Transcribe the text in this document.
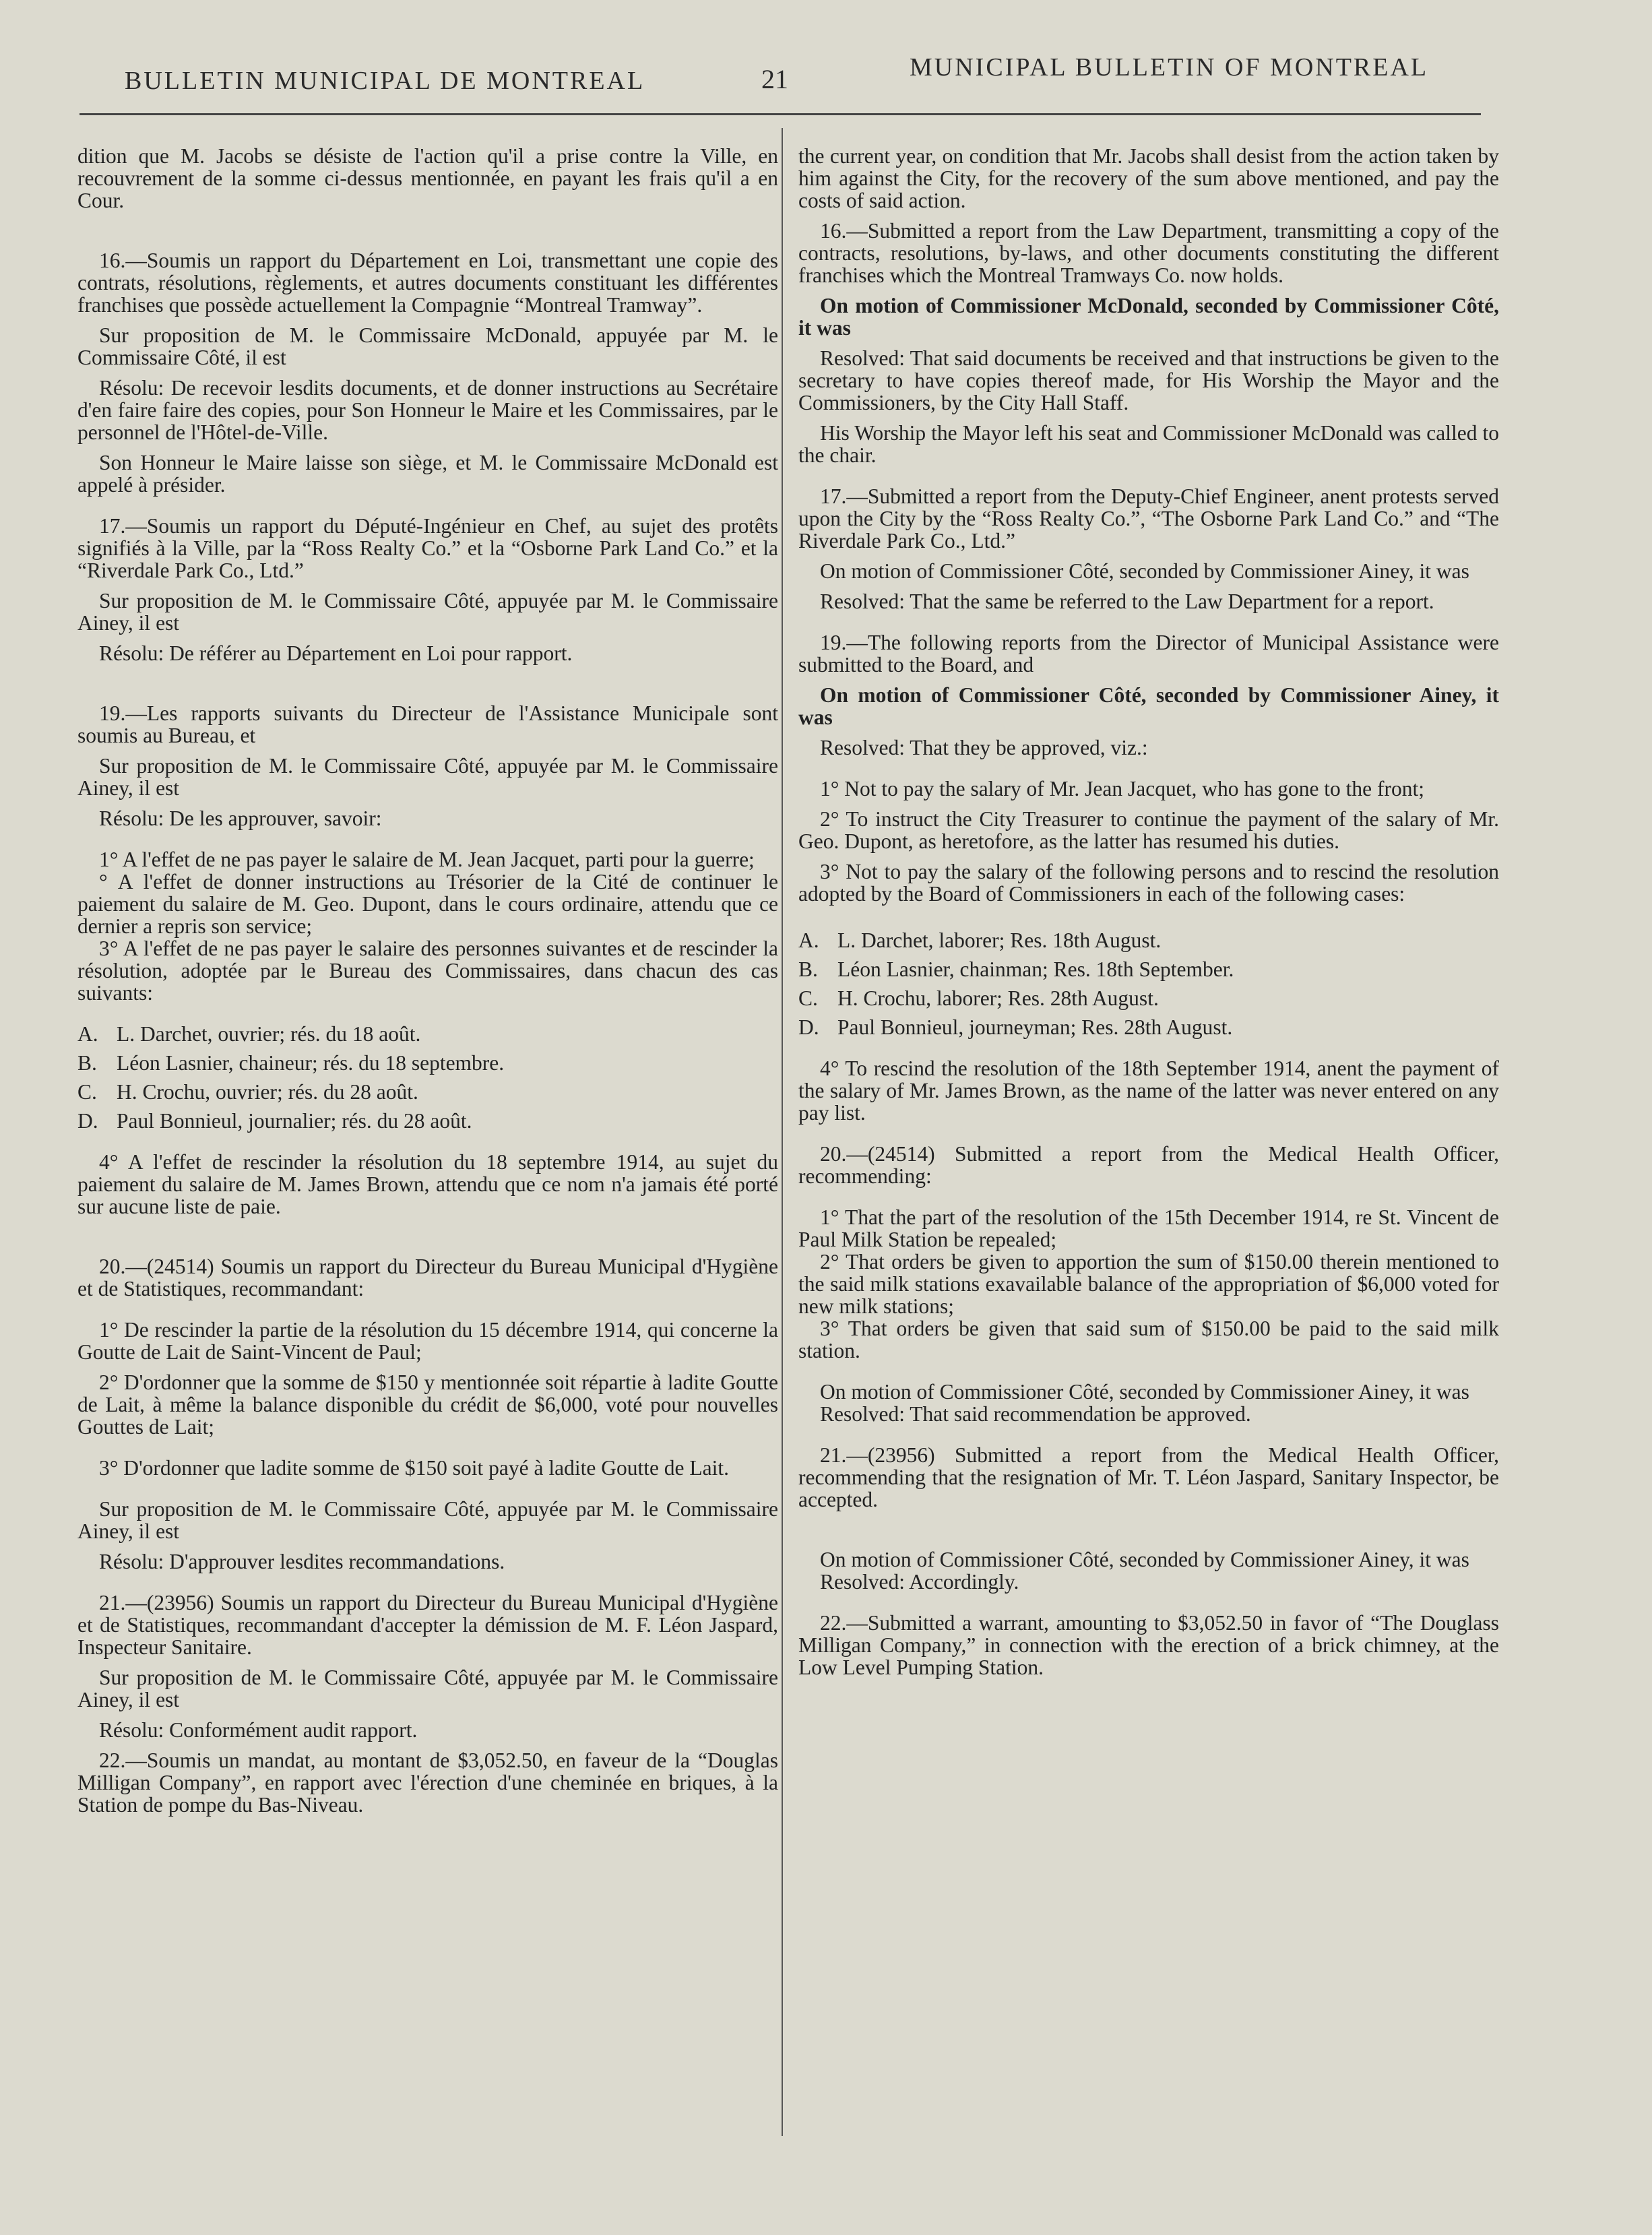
BULLETIN MUNICIPAL DE MONTREAL	21	MUNICIPAL BULLETIN OF MONTREAL

dition que M. Jacobs se désiste de l'action qu'il a prise contre la Ville, en recouvrement de la somme ci-dessus mentionnée, en payant les frais qu'il a en Cour.

16.—Soumis un rapport du Département en Loi, transmettant une copie des contrats, résolutions, règlements, et autres documents constituant les différentes franchises que possède actuellement la Compagnie “Montreal Tramway”.

Sur proposition de M. le Commissaire McDonald, appuyée par M. le Commissaire Côté, il est

Résolu: De recevoir lesdits documents, et de donner instructions au Secrétaire d'en faire faire des copies, pour Son Honneur le Maire et les Commissaires, par le personnel de l'Hôtel-de-Ville.

Son Honneur le Maire laisse son siège, et M. le Commissaire McDonald est appelé à présider.

17.—Soumis un rapport du Député-Ingénieur en Chef, au sujet des protêts signifiés à la Ville, par la “Ross Realty Co.” et la “Osborne Park Land Co.” et la “Riverdale Park Co., Ltd.”

Sur proposition de M. le Commissaire Côté, appuyée par M. le Commissaire Ainey, il est

Résolu: De référer au Département en Loi pour rapport.

19.—Les rapports suivants du Directeur de l'Assistance Municipale sont soumis au Bureau, et

Sur proposition de M. le Commissaire Côté, appuyée par M. le Commissaire Ainey, il est

Résolu: De les approuver, savoir:

1° A l'effet de ne pas payer le salaire de M. Jean Jacquet, parti pour la guerre;

° A l'effet de donner instructions au Trésorier de la Cité de continuer le paiement du salaire de M. Geo. Dupont, dans le cours ordinaire, attendu que ce dernier a repris son service;

3° A l'effet de ne pas payer le salaire des personnes suivantes et de rescinder la résolution, adoptée par le Bureau des Commissaires, dans chacun des cas suivants:

A. L. Darchet, ouvrier; rés. du 18 août.
B. Léon Lasnier, chaineur; rés. du 18 septembre.
C. H. Crochu, ouvrier; rés. du 28 août.
D. Paul Bonnieul, journalier; rés. du 28 août.

4° A l'effet de rescinder la résolution du 18 septembre 1914, au sujet du paiement du salaire de M. James Brown, attendu que ce nom n'a jamais été porté sur aucune liste de paie.

20.—(24514) Soumis un rapport du Directeur du Bureau Municipal d'Hygiène et de Statistiques, recommandant:

1° De rescinder la partie de la résolution du 15 décembre 1914, qui concerne la Goutte de Lait de Saint-Vincent de Paul;

2° D'ordonner que la somme de $150 y mentionnée soit répartie à ladite Goutte de Lait, à même la balance disponible du crédit de $6,000, voté pour nouvelles Gouttes de Lait;

3° D'ordonner que ladite somme de $150 soit payé à ladite Goutte de Lait.

Sur proposition de M. le Commissaire Côté, appuyée par M. le Commissaire Ainey, il est

Résolu: D'approuver lesdites recommandations.

21.—(23956) Soumis un rapport du Directeur du Bureau Municipal d'Hygiène et de Statistiques, recommandant d'accepter la démission de M. F. Léon Jaspard, Inspecteur Sanitaire.

Sur proposition de M. le Commissaire Côté, appuyée par M. le Commissaire Ainey, il est

Résolu: Conformément audit rapport.

22.—Soumis un mandat, au montant de $3,052.50, en faveur de la “Douglas Milligan Company”, en rapport avec l'érection d'une cheminée en briques, à la Station de pompe du Bas-Niveau.

the current year, on condition that Mr. Jacobs shall desist from the action taken by him against the City, for the recovery of the sum above mentioned, and pay the costs of said action.

16.—Submitted a report from the Law Department, transmitting a copy of the contracts, resolutions, by-laws, and other documents constituting the different franchises which the Montreal Tramways Co. now holds.

On motion of Commissioner McDonald, seconded by Commissioner Côté, it was

Resolved: That said documents be received and that instructions be given to the secretary to have copies thereof made, for His Worship the Mayor and the Commissioners, by the City Hall Staff.

His Worship the Mayor left his seat and Commissioner McDonald was called to the chair.

17.—Submitted a report from the Deputy-Chief Engineer, anent protests served upon the City by the “Ross Realty Co.”, “The Osborne Park Land Co.” and “The Riverdale Park Co., Ltd.”

On motion of Commissioner Côté, seconded by Commissioner Ainey, it was

Resolved: That the same be referred to the Law Department for a report.

19.—The following reports from the Director of Municipal Assistance were submitted to the Board, and

On motion of Commissioner Côté, seconded by Commissioner Ainey, it was

Resolved: That they be approved, viz.:

1° Not to pay the salary of Mr. Jean Jacquet, who has gone to the front;

2° To instruct the City Treasurer to continue the payment of the salary of Mr. Geo. Dupont, as heretofore, as the latter has resumed his duties.

3° Not to pay the salary of the following persons and to rescind the resolution adopted by the Board of Commissioners in each of the following cases:

A. L. Darchet, laborer; Res. 18th August.
B. Léon Lasnier, chainman; Res. 18th September.
C. H. Crochu, laborer; Res. 28th August.
D. Paul Bonnieul, journeyman; Res. 28th August.

4° To rescind the resolution of the 18th September 1914, anent the payment of the salary of Mr. James Brown, as the name of the latter was never entered on any pay list.

20.—(24514) Submitted a report from the Medical Health Officer, recommending:

1° That the part of the resolution of the 15th December 1914, re St. Vincent de Paul Milk Station be repealed;

2° That orders be given to apportion the sum of $150.00 therein mentioned to the said milk stations exavailable balance of the appropriation of $6,000 voted for new milk stations;

3° That orders be given that said sum of $150.00 be paid to the said milk station.

On motion of Commissioner Côté, seconded by Commissioner Ainey, it was

Resolved: That said recommendation be approved.

21.—(23956) Submitted a report from the Medical Health Officer, recommending that the resignation of Mr. T. Léon Jaspard, Sanitary Inspector, be accepted.

On motion of Commissioner Côté, seconded by Commissioner Ainey, it was

Resolved: Accordingly.

22.—Submitted a warrant, amounting to $3,052.50 in favor of “The Douglass Milligan Company,” in connection with the erection of a brick chimney, at the Low Level Pumping Station.
